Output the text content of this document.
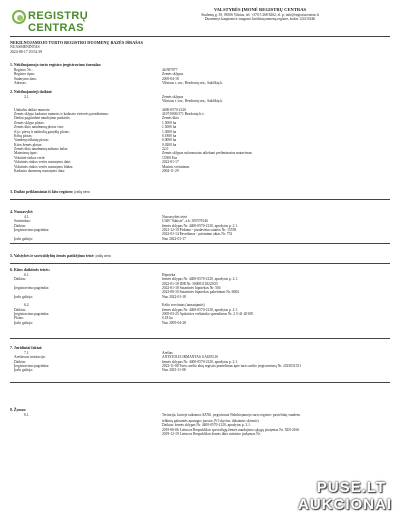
REGISTRŲ
CENTRAS
VALSTYBĖS ĮMONĖ REGISTRŲ CENTRAS
Studentų g. 39, 08106 Vilnius, tel. +370 5 268 8262, el. p. info@registrucentras.lt
Duomenys kaupiami ir saugomi Juridinių asmenų registre, kodas 124110246
NEKILNOJAMOJO TURTO REGISTRO DUOMENŲ BAZĖS IŠRAŠAS
NUASMENINTAS
2024-06-17 20:52:39
1. Nekilnojamojo turto registro įregistravimo žurnalas:
Registro Nr.:	44/387877
Registro tipas:	Žemės sklypas
Sudarymo data:	2005-04-18
Adresas:	Vilniaus r. sav., Bezdonių sen., Sakiškių k.
2. Nekilnojamieji daiktai:
2.1.	Žemės sklypas
Vilniaus r. sav., Bezdonių sen., Sakiškių k.
Unikalus daikto numeris:	4400-0570-2120
Žemės sklypo kadastro numeris ir kadastro vietovės pavadinimas:	4107/0000:571 Bezdonių k.v.
Daikto pagrindinė naudojimo paskirtis:	Žemės ūkio
Žemės sklypo plotas:	1.5000 ha
Žemės ūkio naudmenų plotas viso:	1.5000 ha
iš jo: pievų ir natūralių ganyklų plotas:	1.3000 ha
Kelių plotas:	0.1800 ha
Vandenų telkinių plotas:	0.0000 ha
Kitos žemės plotas:	0.0200 ha
Žemės ūkio naudmenų našumo balas:	22.0
Matavimų tipas:	Žemės sklypas suformuotas atliekant preliminarius matavimus
Vidutinė rinkos vertė:	15500 Eur
Vidutinės rinkos vertės nustatymo data:	2022-01-17
Vidutinės rinkos vertės nustatymo būdas:	Masinis vertinimas
Kadastro duomenų nustatymo data:	2004-11-29
3. Daikto priklausiniai iš kito registro: įrašų nėra
4. Nuosavybė:
4.1.	Nuosavybės teisė
Savininkas:	UAB "Sakiste", a.k. 305578146
Daiktas:	žemės sklypas Nr. 4400-0570-2120, aprašytas p. 2.1.
Įregistravimo pagrindas:	2021-12-10 Pirkimo - pardavimo sutartis Nr. 15539
2022-01-14 Pavedimas - priėmimo aktas Nr. 752
Įrašo galioja:	Nuo 2022-01-17
5. Valstybės ir savivaldybių žemės patikėjimo teisė: įrašų nėra
6. Kitos daiktinės teisės:
6.1.	Hipoteka
Daiktas:	žemės sklypas Nr. 4400-0570-2120, aprašytas p. 2.1.
2022-01-18 IDR Nr. 300001118223O5
Įregistravimo pagrindas:	2022-01-18 Sutartinės hipotekos Nr. 504
2023-08-10 Sutartinės hipotekos pakeitimas Nr. 6084
Įrašo galioja:	Nuo 2022-01-18
6.2.	Kelio servitutas (tarnaujantis)
Daiktas:	žemės sklypas Nr. 4400-0570-2120, aprašytas p. 2.1.
Įregistravimo pagrindas:	2005-03-25 Apskrities viršininko sprendimas Nr. 2.5-41-20108
Plotas:	0.18 ha
Įrašo galioja:	Nuo 2005-04-28
7. Juridiniai faktai:
7.1.	Areštas
Areštavusi institucija:	ANTSTOLIS IRMANTAS GAIZELIS
Daiktas:	žemės sklypas Nr. 4400-0570-2120, aprašytas p. 2.1.
Įregistravimo pagrindas:	2023-11-08 Turto arešto aktų registro pranešimas apie turto arešto įregistravimą Nr. 2023031531
Įrašo galioja:	Nuo 2023-11-08
8. Žymos:
8.1.	Teritorija, kurioje taikomos SŽNS, įregistruota Nekilnojamojo turto registre: paviršinių vandens
telkinių pakrantės apsaugos juostos (VI skyrius, tūkstantis skirsnis)
Daiktas: žemės sklypas Nr. 4400-0570-2120, aprašytas p. 2.1.
2019-06-06 Lietuvos Respublikos specialiųjų žemės naudojimo sąlygų įstatymas Nr. XIII-2166
2019-12-19 Lietuvos Respublikos žemės ūkio ministro įsakymas Nr.
PUSE.LT
AUKCIONAI
